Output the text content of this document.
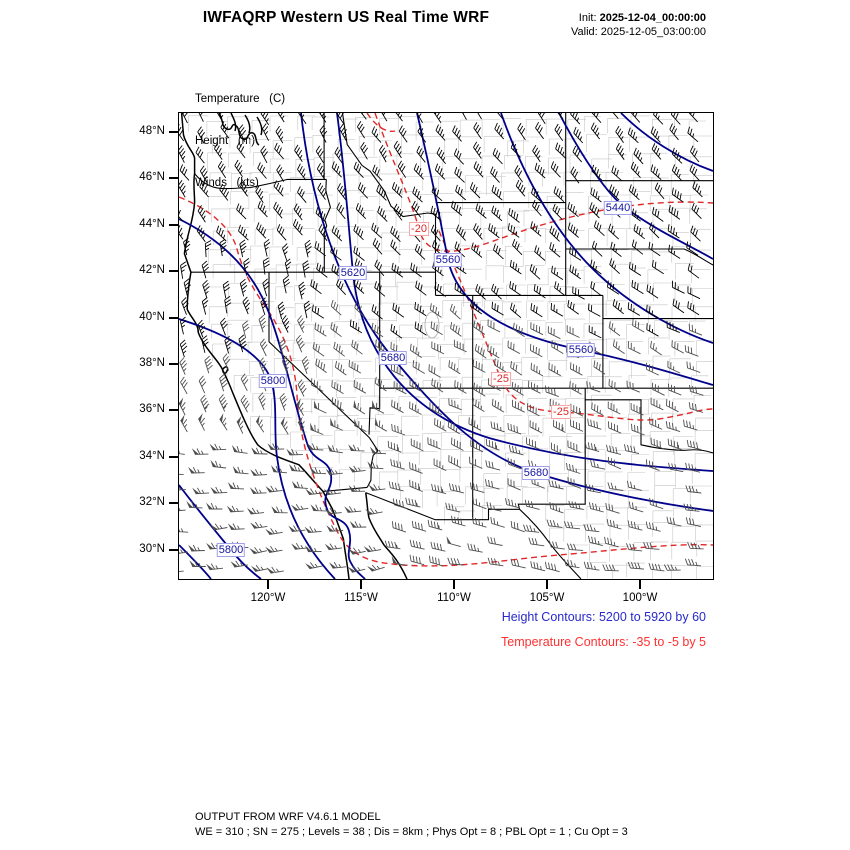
IWFAQRP Western US Real Time WRF	Init: 2025-12-04_00:00:00
Valid: 2025-12-05_03:00:00

Temperature   (C)

Height   (m)

Winds   (kts)

5440
5560
5560
5620
5680
5680
5800
5800
-20
-25
-25
48°N
46°N
44°N
42°N
40°N
38°N
36°N
34°N
32°N
30°N
120°W	115°W	110°W	105°W	100°W
Height Contours: 5200 to 5920 by 60
Temperature Contours: -35 to -5 by 5
OUTPUT FROM WRF V4.6.1 MODEL
WE = 310 ; SN = 275 ; Levels = 38 ; Dis = 8km ; Phys Opt = 8 ; PBL Opt = 1 ; Cu Opt = 3
